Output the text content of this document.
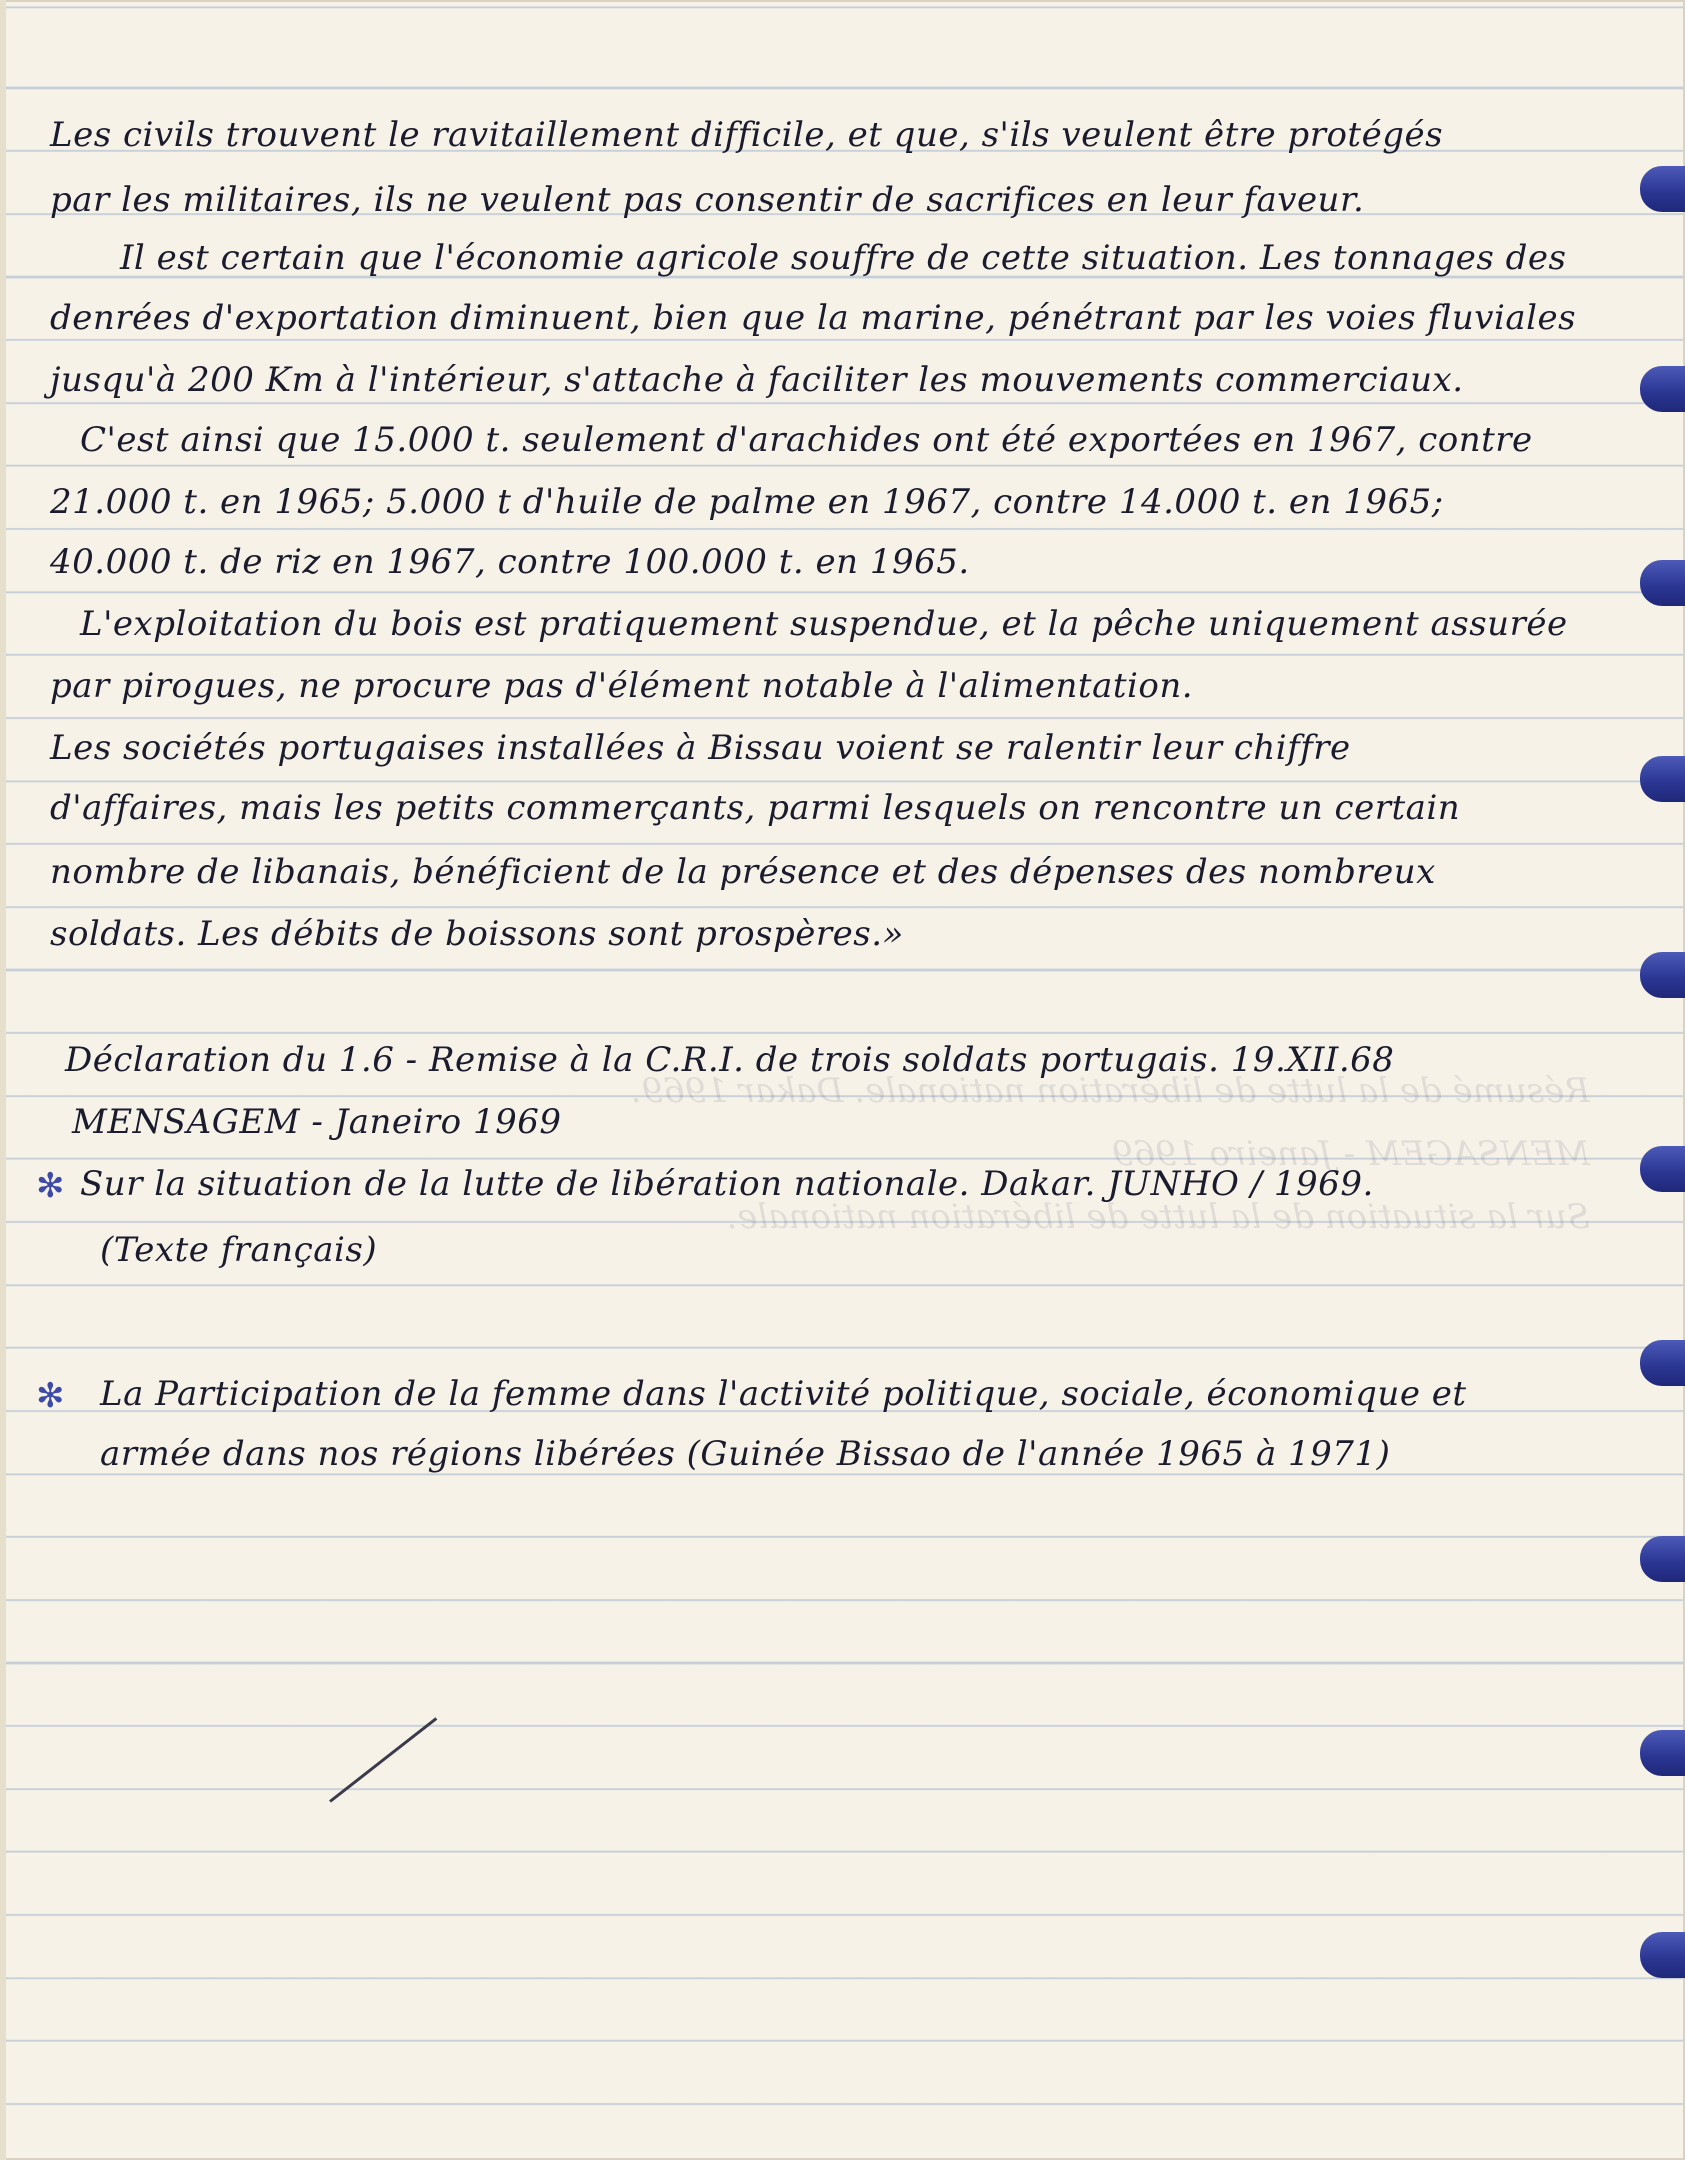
Les civils trouvent le ravitaillement difficile, et que, s'ils veulent être protégés
par les militaires, ils ne veulent pas consentir de sacrifices en leur faveur.
Il est certain que l'économie agricole souffre de cette situation. Les tonnages des
denrées d'exportation diminuent, bien que la marine, pénétrant par les voies fluviales
jusqu'à 200 Km à l'intérieur, s'attache à faciliter les mouvements commerciaux.
C'est ainsi que 15.000 t. seulement d'arachides ont été exportées en 1967, contre
21.000 t. en 1965; 5.000 t d'huile de palme en 1967, contre 14.000 t. en 1965;
40.000 t. de riz en 1967, contre 100.000 t. en 1965.
L'exploitation du bois est pratiquement suspendue, et la pêche uniquement assurée
par pirogues, ne procure pas d'élément notable à l'alimentation.
Les sociétés portugaises installées à Bissau voient se ralentir leur chiffre
d'affaires, mais les petits commerçants, parmi lesquels on rencontre un certain
nombre de libanais, bénéficient de la présence et des dépenses des nombreux
soldats. Les débits de boissons sont prospères.»
Déclaration du 1.6 - Remise à la C.R.I. de trois soldats portugais. 19.XII.68
MENSAGEM - Janeiro 1969
✻ Sur la situation de la lutte de libération nationale. Dakar. JUNHO / 1969.
(Texte français)
✻ La Participation de la femme dans l'activité politique, sociale, économique et
armée dans nos régions libérées (Guinée Bissao de l'année 1965 à 1971)
Résumé de la lutte de libération nationale. Dakar 1969.
MENSAGEM - Janeiro 1969
Sur la situation de la lutte de libération nationale.
